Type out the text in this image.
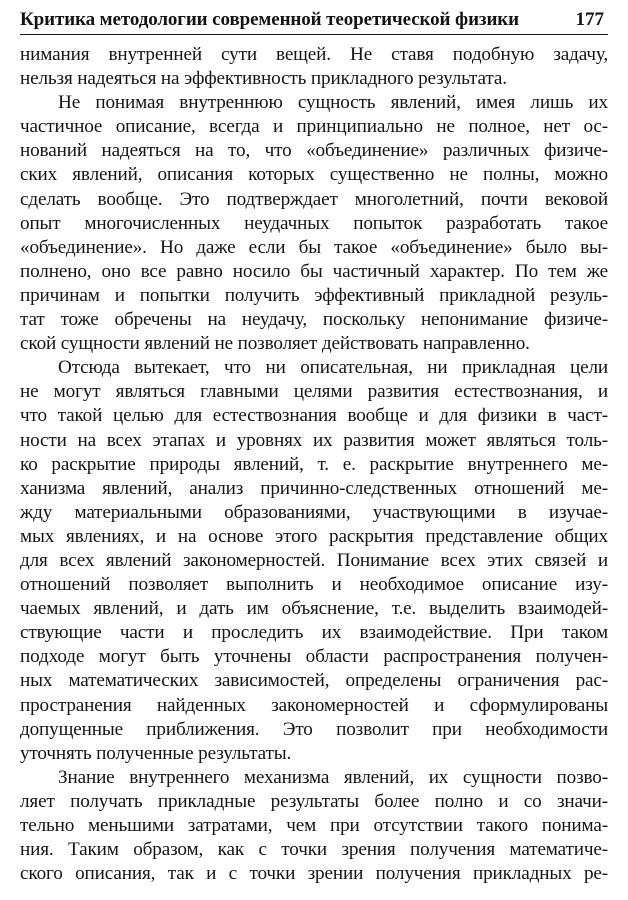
Критика методологии современной теоретической физики	177

нимания внутренней сути вещей. Не ставя подобную задачу,
нельзя надеяться на эффективность прикладного результата.

Не понимая внутреннюю сущность явлений, имея лишь их
частичное описание, всегда и принципиально не полное, нет ос-
нований надеяться на то, что «объединение» различных физиче-
ских явлений, описания которых существенно не полны, можно
сделать вообще. Это подтверждает многолетний, почти вековой
опыт многочисленных неудачных попыток разработать такое
«объединение». Но даже если бы такое «объединение» было вы-
полнено, оно все равно носило бы частичный характер. По тем же
причинам и попытки получить эффективный прикладной резуль-
тат тоже обречены на неудачу, поскольку непонимание физиче-
ской сущности явлений не позволяет действовать направленно.

Отсюда вытекает, что ни описательная, ни прикладная цели
не могут являться главными целями развития естествознания, и
что такой целью для естествознания вообще и для физики в част-
ности на всех этапах и уровнях их развития может являться толь-
ко раскрытие природы явлений, т. е. раскрытие внутреннего ме-
ханизма явлений, анализ причинно-следственных отношений ме-
жду материальными образованиями, участвующими в изучае-
мых явлениях, и на основе этого раскрытия представление общих
для всех явлений закономерностей. Понимание всех этих связей и
отношений позволяет выполнить и необходимое описание изу-
чаемых явлений, и дать им объяснение, т.е. выделить взаимодей-
ствующие части и проследить их взаимодействие. При таком
подходе могут быть уточнены области распространения получен-
ных математических зависимостей, определены ограничения рас-
пространения найденных закономерностей и сформулированы
допущенные приближения. Это позволит при необходимости
уточнять полученные результаты.

Знание внутреннего механизма явлений, их сущности позво-
ляет получать прикладные результаты более полно и со значи-
тельно меньшими затратами, чем при отсутствии такого понима-
ния. Таким образом, как с точки зрения получения математиче-
ского описания, так и с точки зрении получения прикладных ре-
